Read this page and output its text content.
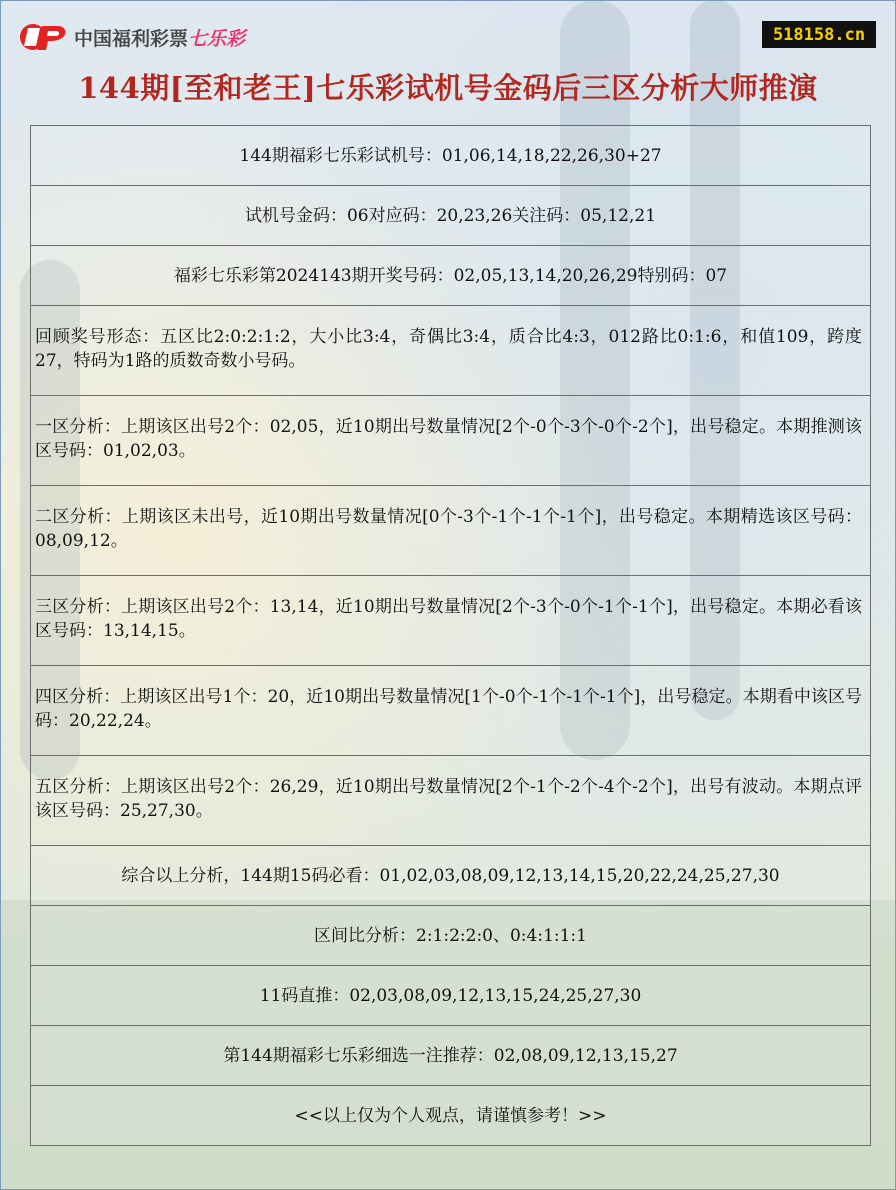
中国福利彩票七乐彩	518158.cn
144期[至和老王]七乐彩试机号金码后三区分析大师推演
144期福彩七乐彩试机号：01,06,14,18,22,26,30+27
试机号金码：06对应码：20,23,26关注码：05,12,21
福彩七乐彩第2024143期开奖号码：02,05,13,14,20,26,29特别码：07

回顾奖号形态：五区比2:0:2:1:2，大小比3:4，奇偶比3:4，质合比4:3，012路比0:1:6，和值109，跨度27，特码为1路的质数奇数小号码。

一区分析：上期该区出号2个：02,05，近10期出号数量情况[2个-0个-3个-0个-2个]，出号稳定。本期推测该区号码：01,02,03。

二区分析：上期该区未出号，近10期出号数量情况[0个-3个-1个-1个-1个]，出号稳定。本期精选该区号码：08,09,12。

三区分析：上期该区出号2个：13,14，近10期出号数量情况[2个-3个-0个-1个-1个]，出号稳定。本期必看该区号码：13,14,15。

四区分析：上期该区出号1个：20，近10期出号数量情况[1个-0个-1个-1个-1个]，出号稳定。本期看中该区号码：20,22,24。

五区分析：上期该区出号2个：26,29，近10期出号数量情况[2个-1个-2个-4个-2个]，出号有波动。本期点评该区号码：25,27,30。

综合以上分析，144期15码必看：01,02,03,08,09,12,13,14,15,20,22,24,25,27,30
区间比分析：2:1:2:2:0、0:4:1:1:1
11码直推：02,03,08,09,12,13,15,24,25,27,30
第144期福彩七乐彩细选一注推荐：02,08,09,12,13,15,27
<<以上仅为个人观点，请谨慎参考！>>
